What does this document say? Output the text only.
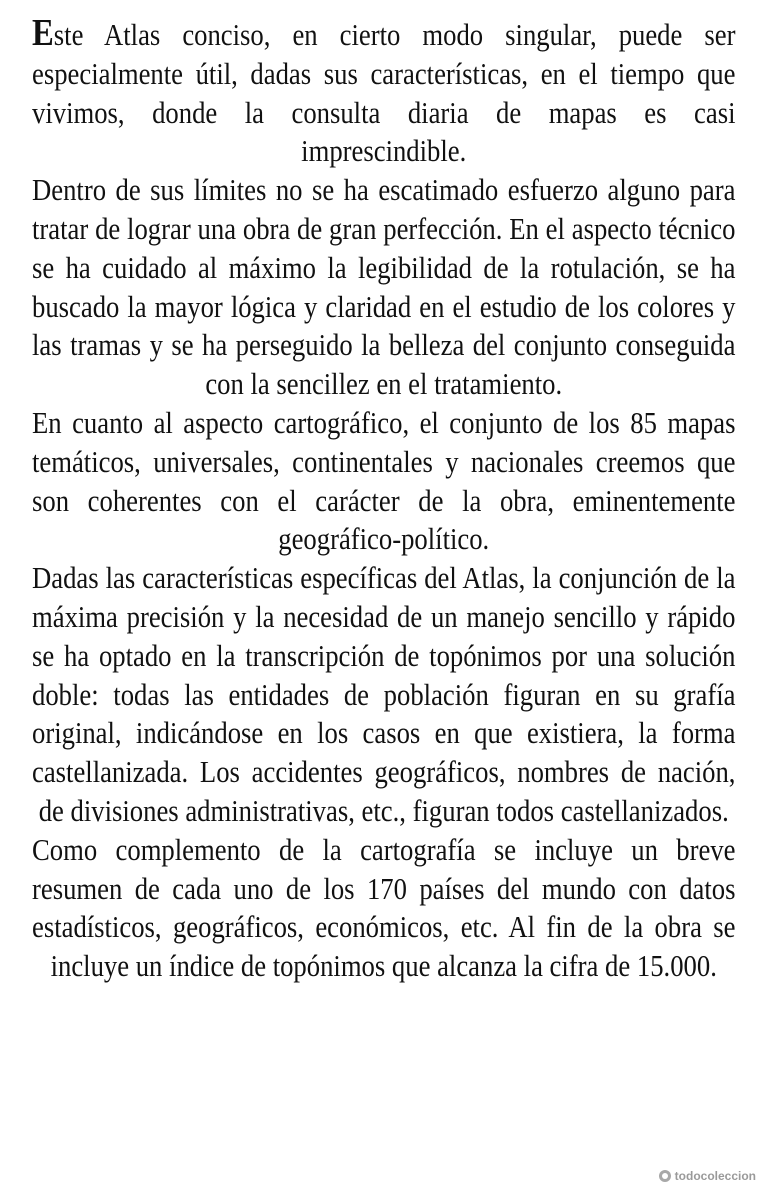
Este Atlas conciso, en cierto modo singular, puede ser especialmente útil, dadas sus características, en el tiempo que vivimos, donde la consulta diaria de mapas es casi imprescindible.

Dentro de sus límites no se ha escatimado esfuerzo alguno para tratar de lograr una obra de gran perfección. En el aspecto técnico se ha cuidado al máximo la legibilidad de la rotulación, se ha buscado la mayor lógica y claridad en el estudio de los colores y las tramas y se ha perseguido la belleza del conjunto conseguida con la sencillez en el tratamiento.

En cuanto al aspecto cartográfico, el conjunto de los 85 mapas temáticos, universales, continentales y nacionales creemos que son coherentes con el carácter de la obra, eminentemente geográfico-político.

Dadas las características específicas del Atlas, la conjunción de la máxima precisión y la necesidad de un manejo sencillo y rápido se ha optado en la transcripción de topónimos por una solución doble: todas las entidades de población figuran en su grafía original, indicándose en los casos en que existiera, la forma castellanizada. Los accidentes geográficos, nombres de nación, de divisiones administrativas, etc., figuran todos castellanizados.

Como complemento de la cartografía se incluye un breve resumen de cada uno de los 170 países del mundo con datos estadísticos, geográficos, económicos, etc. Al fin de la obra se incluye un índice de topónimos que alcanza la cifra de 15.000.

todocoleccion
